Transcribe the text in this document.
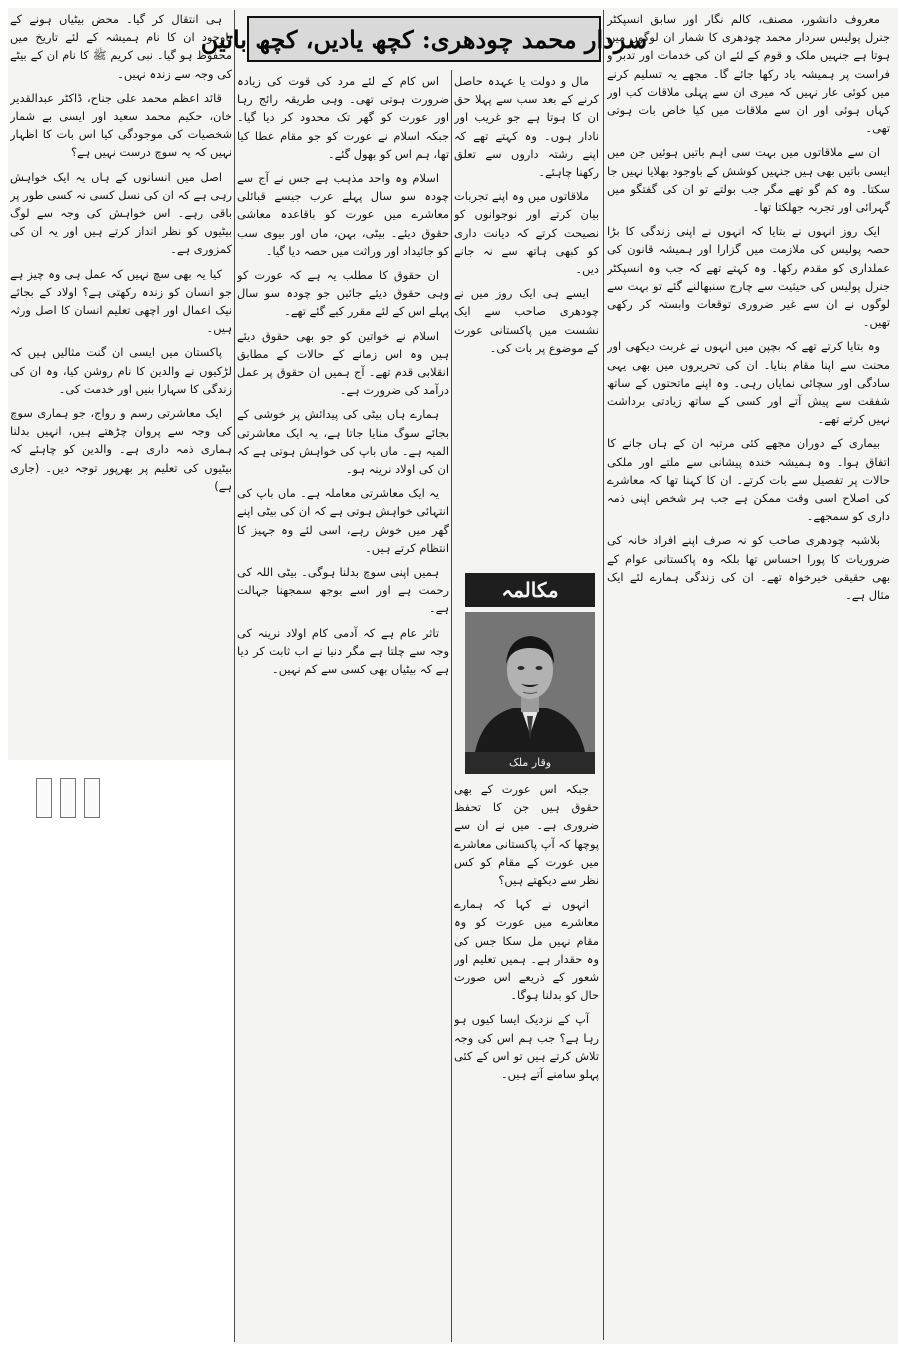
سردار محمد چودھری: کچھ یادیں، کچھ باتیں

معروف دانشور، مصنف، کالم نگار اور سابق انسپکٹر جنرل پولیس سردار محمد چودھری کا شمار ان لوگوں میں ہوتا ہے جنہیں ملک و قوم کے لئے ان کی خدمات اور تدبر و فراست پر ہمیشہ یاد رکھا جائے گا۔ مجھے یہ تسلیم کرنے میں کوئی عار نہیں کہ میری ان سے پہلی ملاقات کب اور کہاں ہوئی اور ان سے ملاقات میں کیا خاص بات ہوتی تھی۔

ان سے ملاقاتوں میں بہت سی اہم باتیں ہوئیں جن میں ایسی باتیں بھی ہیں جنہیں کوشش کے باوجود بھلایا نہیں جا سکتا۔ وہ کم گو تھے مگر جب بولتے تو ان کی گفتگو میں گہرائی اور تجربہ جھلکتا تھا۔

ایک روز انہوں نے بتایا کہ انہوں نے اپنی زندگی کا بڑا حصہ پولیس کی ملازمت میں گزارا اور ہمیشہ قانون کی عملداری کو مقدم رکھا۔ وہ کہتے تھے کہ جب وہ انسپکٹر جنرل پولیس کی حیثیت سے چارج سنبھالنے گئے تو بہت سے لوگوں نے ان سے غیر ضروری توقعات وابستہ کر رکھی تھیں۔

وہ بتایا کرتے تھے کہ بچپن میں انہوں نے غربت دیکھی اور محنت سے اپنا مقام بنایا۔ ان کی تحریروں میں بھی یہی سادگی اور سچائی نمایاں رہی۔ وہ اپنے ماتحتوں کے ساتھ شفقت سے پیش آتے اور کسی کے ساتھ زیادتی برداشت نہیں کرتے تھے۔

بیماری کے دوران مجھے کئی مرتبہ ان کے ہاں جانے کا اتفاق ہوا۔ وہ ہمیشہ خندہ پیشانی سے ملتے اور ملکی حالات پر تفصیل سے بات کرتے۔ ان کا کہنا تھا کہ معاشرے کی اصلاح اسی وقت ممکن ہے جب ہر شخص اپنی ذمہ داری کو سمجھے۔

بلاشبہ چودھری صاحب کو نہ صرف اپنے افراد خانہ کی ضروریات کا پورا احساس تھا بلکہ وہ پاکستانی عوام کے بھی حقیقی خیرخواہ تھے۔ ان کی زندگی ہمارے لئے ایک مثال ہے۔

مال و دولت یا عہدہ حاصل کرنے کے بعد سب سے پہلا حق ان کا ہوتا ہے جو غریب اور نادار ہوں۔ وہ کہتے تھے کہ اپنے رشتہ داروں سے تعلق رکھنا چاہئے۔

ملاقاتوں میں وہ اپنے تجربات بیان کرتے اور نوجوانوں کو نصیحت کرتے کہ دیانت داری کو کبھی ہاتھ سے نہ جانے دیں۔

ایسے ہی ایک روز میں نے چودھری صاحب سے ایک نشست میں پاکستانی عورت کے موضوع پر بات کی۔

مکالمہ
وقار ملک

جبکہ اس عورت کے بھی حقوق ہیں جن کا تحفظ ضروری ہے۔ میں نے ان سے پوچھا کہ آپ پاکستانی معاشرے میں عورت کے مقام کو کس نظر سے دیکھتے ہیں؟

انہوں نے کہا کہ ہمارے معاشرے میں عورت کو وہ مقام نہیں مل سکا جس کی وہ حقدار ہے۔ ہمیں تعلیم اور شعور کے ذریعے اس صورت حال کو بدلنا ہوگا۔

آپ کے نزدیک ایسا کیوں ہو رہا ہے؟ جب ہم اس کی وجہ تلاش کرتے ہیں تو اس کے کئی پہلو سامنے آتے ہیں۔

اس کام کے لئے مرد کی قوت کی زیادہ ضرورت ہوتی تھی۔ وہی طریقہ رائج رہا اور عورت کو گھر تک محدود کر دیا گیا۔ جبکہ اسلام نے عورت کو جو مقام عطا کیا تھا، ہم اس کو بھول گئے۔

اسلام وہ واحد مذہب ہے جس نے آج سے چودہ سو سال پہلے عرب جیسے قبائلی معاشرے میں عورت کو باقاعدہ معاشی حقوق دیئے۔ بیٹی، بہن، ماں اور بیوی سب کو جائیداد اور وراثت میں حصہ دیا گیا۔

ان حقوق کا مطلب یہ ہے کہ عورت کو وہی حقوق دیئے جائیں جو چودہ سو سال پہلے اس کے لئے مقرر کیے گئے تھے۔

اسلام نے خواتین کو جو بھی حقوق دیئے ہیں وہ اس زمانے کے حالات کے مطابق انقلابی قدم تھے۔ آج ہمیں ان حقوق پر عمل درآمد کی ضرورت ہے۔

ہمارے ہاں بیٹی کی پیدائش پر خوشی کے بجائے سوگ منایا جاتا ہے، یہ ایک معاشرتی المیہ ہے۔ ماں باپ کی خواہش ہوتی ہے کہ ان کی اولاد نرینہ ہو۔

یہ ایک معاشرتی معاملہ ہے۔ ماں باپ کی انتہائی خواہش ہوتی ہے کہ ان کی بیٹی اپنے گھر میں خوش رہے، اسی لئے وہ جہیز کا انتظام کرتے ہیں۔

ہمیں اپنی سوچ بدلنا ہوگی۔ بیٹی اللہ کی رحمت ہے اور اسے بوجھ سمجھنا جہالت ہے۔

تاثر عام ہے کہ آدمی کام اولاد نرینہ کی وجہ سے چلتا ہے مگر دنیا نے اب ثابت کر دیا ہے کہ بیٹیاں بھی کسی سے کم نہیں۔

ہی انتقال کر گیا۔ محض بیٹیاں ہونے کے باوجود ان کا نام ہمیشہ کے لئے تاریخ میں محفوظ ہو گیا۔ نبی کریم ﷺ کا نام ان کے بیٹے کی وجہ سے زندہ نہیں۔

قائد اعظم محمد علی جناح، ڈاکٹر عبدالقدیر خان، حکیم محمد سعید اور ایسی بے شمار شخصیات کی موجودگی کیا اس بات کا اظہار نہیں کہ یہ سوچ درست نہیں ہے؟

اصل میں انسانوں کے ہاں یہ ایک خواہش رہی ہے کہ ان کی نسل کسی نہ کسی طور پر باقی رہے۔ اس خواہش کی وجہ سے لوگ بیٹیوں کو نظر انداز کرتے ہیں اور یہ ان کی کمزوری ہے۔

کیا یہ بھی سچ نہیں کہ عمل ہی وہ چیز ہے جو انسان کو زندہ رکھتی ہے؟ اولاد کے بجائے نیک اعمال اور اچھی تعلیم انسان کا اصل ورثہ ہیں۔

پاکستان میں ایسی ان گنت مثالیں ہیں کہ لڑکیوں نے والدین کا نام روشن کیا، وہ ان کی زندگی کا سہارا بنیں اور خدمت کی۔

ایک معاشرتی رسم و رواج، جو ہماری سوچ کی وجہ سے پروان چڑھتے ہیں، انہیں بدلنا ہماری ذمہ داری ہے۔ والدین کو چاہئے کہ بیٹیوں کی تعلیم پر بھرپور توجہ دیں۔ (جاری ہے)
